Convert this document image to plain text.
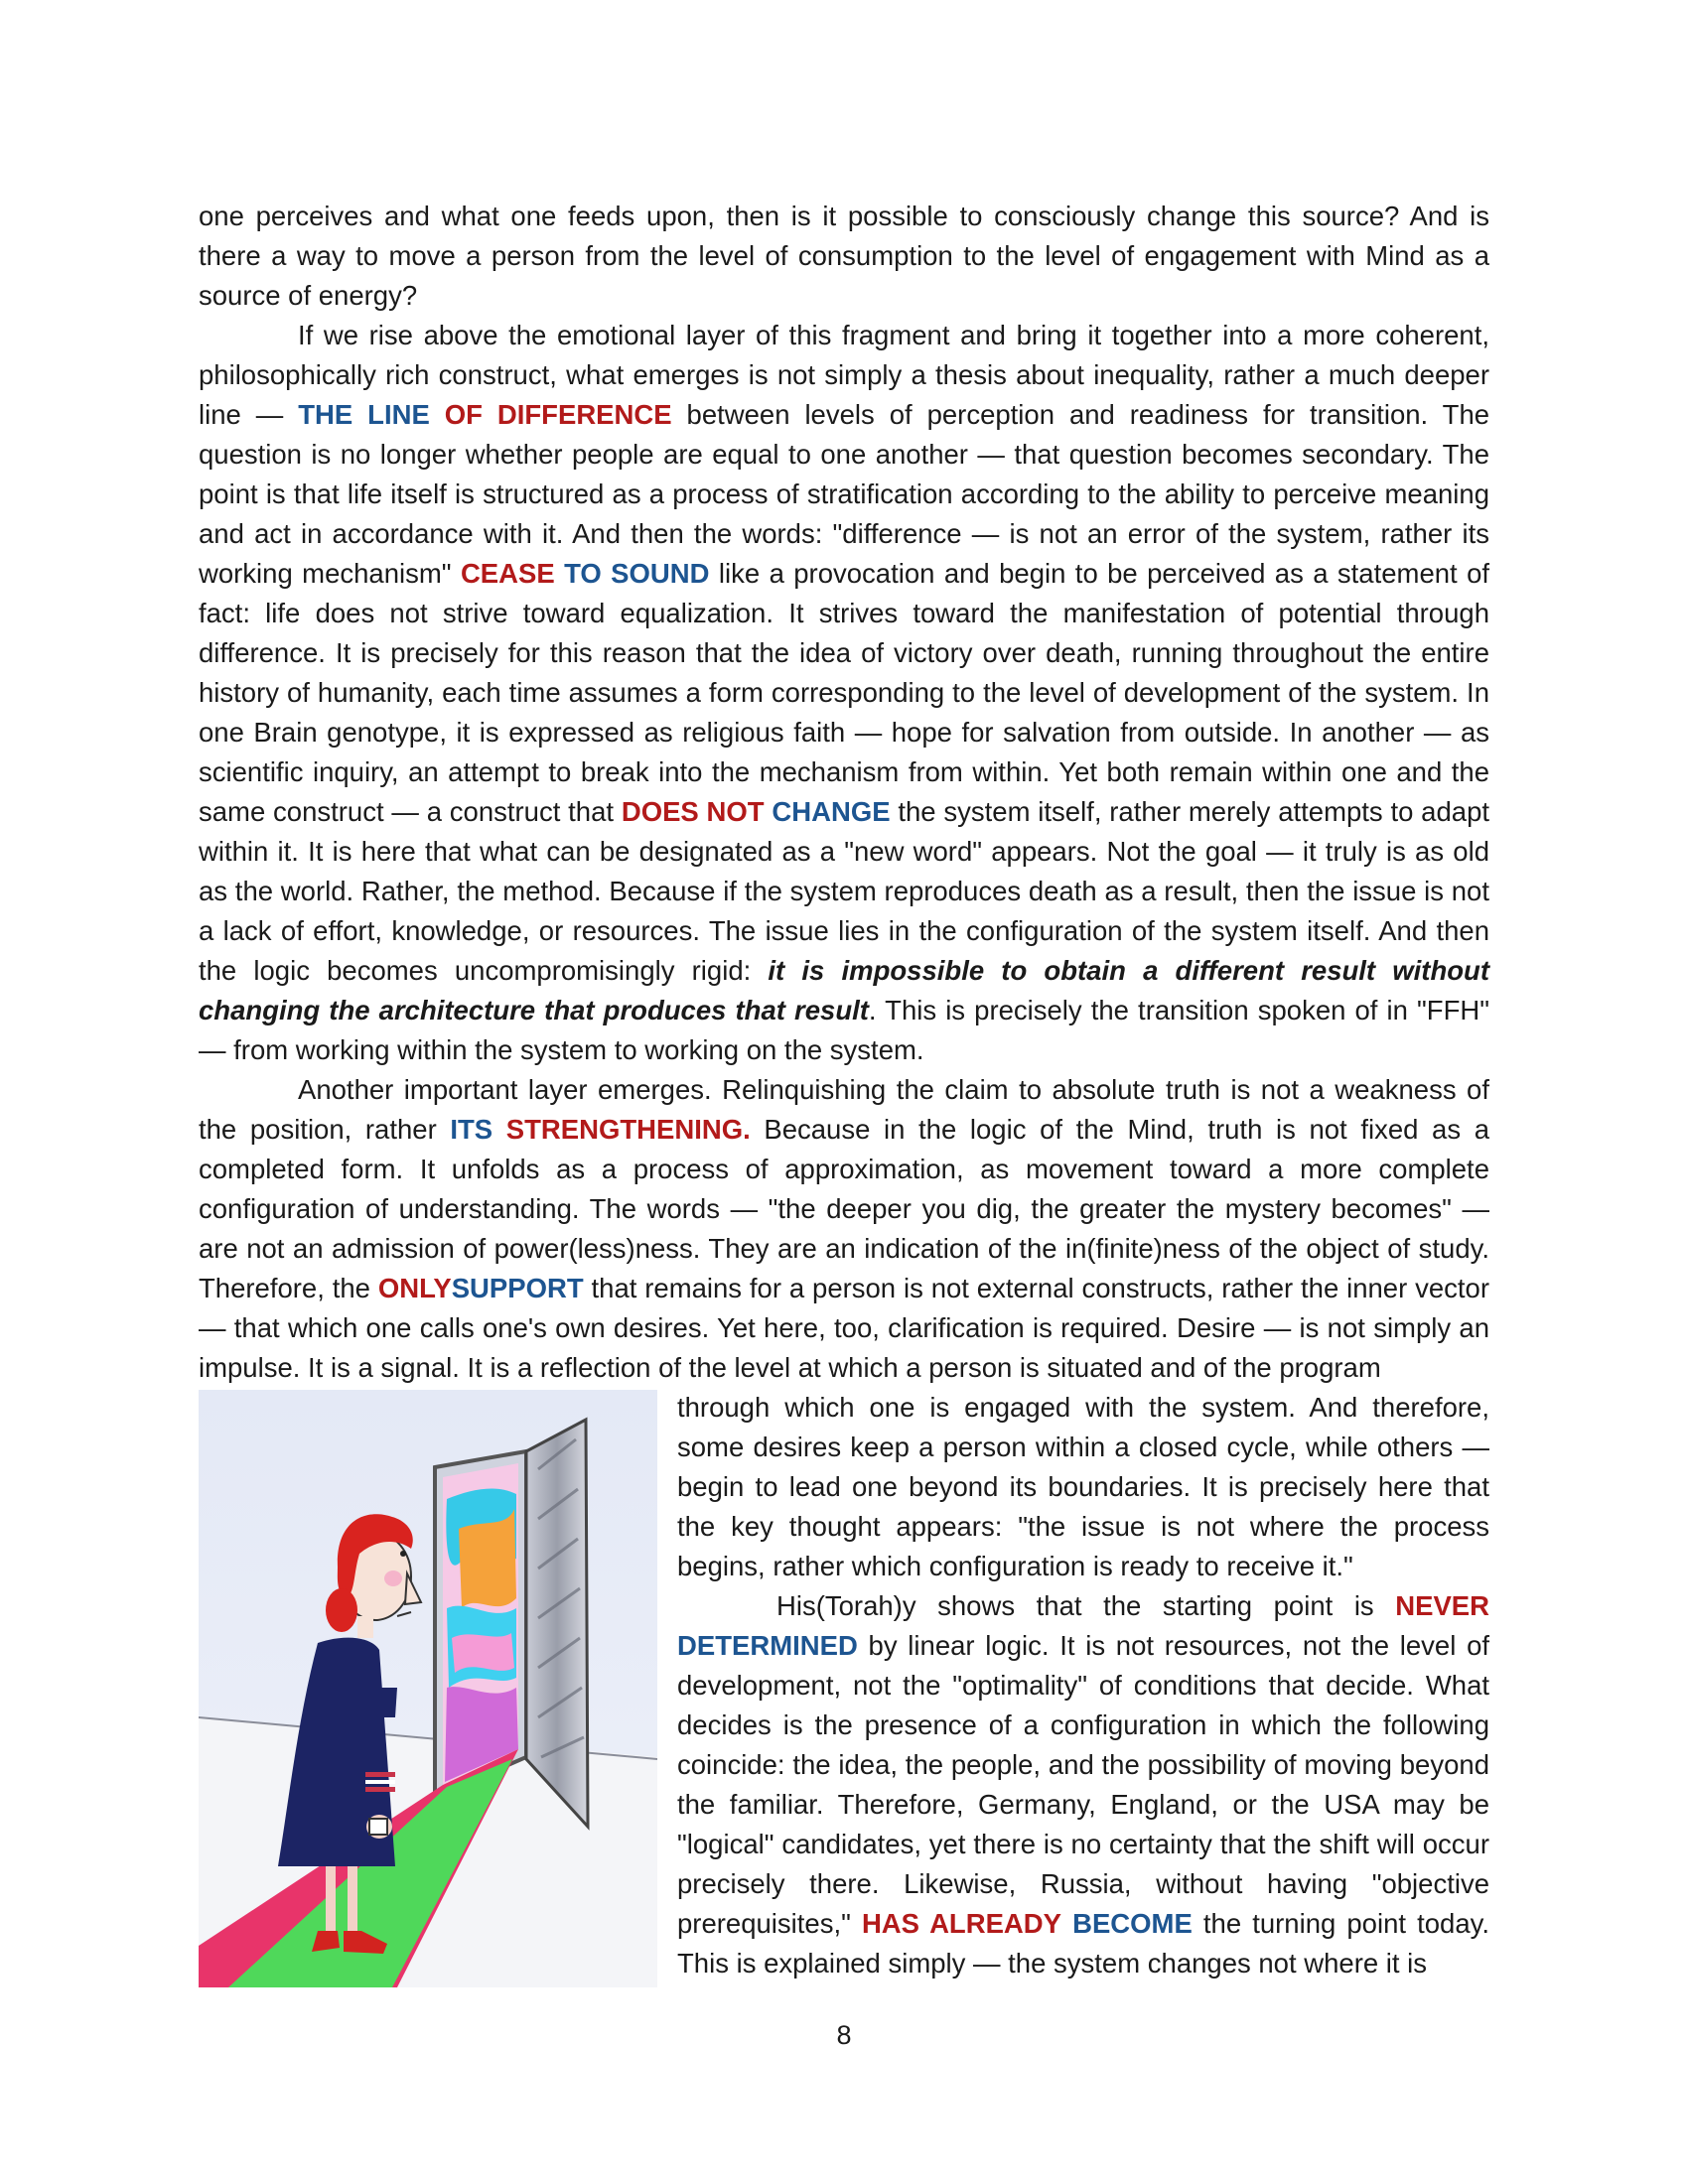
one perceives and what one feeds upon, then is it possible to consciously change this source? And is there a way to move a person from the level of consumption to the level of engagement with Mind as a source of energy?

If we rise above the emotional layer of this fragment and bring it together into a more coherent, philosophically rich construct, what emerges is not simply a thesis about inequality, rather a much deeper line — THE LINE OF DIFFERENCE between levels of perception and readiness for transition. The question is no longer whether people are equal to one another — that question becomes secondary. The point is that life itself is structured as a process of stratification according to the ability to perceive meaning and act in accordance with it. And then the words: "difference — is not an error of the system, rather its working mechanism" CEASE TO SOUND like a provocation and begin to be perceived as a statement of fact: life does not strive toward equalization. It strives toward the manifestation of potential through difference. It is precisely for this reason that the idea of victory over death, running throughout the entire history of humanity, each time assumes a form corresponding to the level of development of the system. In one Brain genotype, it is expressed as religious faith — hope for salvation from outside. In another — as scientific inquiry, an attempt to break into the mechanism from within. Yet both remain within one and the same construct — a construct that DOES NOT CHANGE the system itself, rather merely attempts to adapt within it. It is here that what can be designated as a "new word" appears. Not the goal — it truly is as old as the world. Rather, the method. Because if the system reproduces death as a result, then the issue is not a lack of effort, knowledge, or resources. The issue lies in the configuration of the system itself. And then the logic becomes uncompromisingly rigid: it is impossible to obtain a different result without changing the architecture that produces that result. This is precisely the transition spoken of in "FFH" — from working within the system to working on the system.

Another important layer emerges. Relinquishing the claim to absolute truth is not a weakness of the position, rather ITS STRENGTHENING. Because in the logic of the Mind, truth is not fixed as a completed form. It unfolds as a process of approximation, as movement toward a more complete configuration of understanding. The words — "the deeper you dig, the greater the mystery becomes" — are not an admission of power(less)ness. They are an indication of the in(finite)ness of the object of study. Therefore, the ONLYSUPPORT that remains for a person is not external constructs, rather the inner vector — that which one calls one's own desires. Yet here, too, clarification is required. Desire — is not simply an impulse. It is a signal. It is a reflection of the level at which a person is situated and of the program

through which one is engaged with the system. And therefore, some desires keep a person within a closed cycle, while others — begin to lead one beyond its boundaries. It is precisely here that the key thought appears: "the issue is not where the process begins, rather which configuration is ready to receive it."

His(Torah)y shows that the starting point is NEVER DETERMINED by linear logic. It is not resources, not the level of development, not the "optimality" of conditions that decide. What decides is the presence of a configuration in which the following coincide: the idea, the people, and the possibility of moving beyond the familiar. Therefore, Germany, England, or the USA may be "logical" candidates, yet there is no certainty that the shift will occur precisely there. Likewise, Russia, without having "objective prerequisites," HAS ALREADY BECOME the turning point today. This is explained simply — the system changes not where it is

8
